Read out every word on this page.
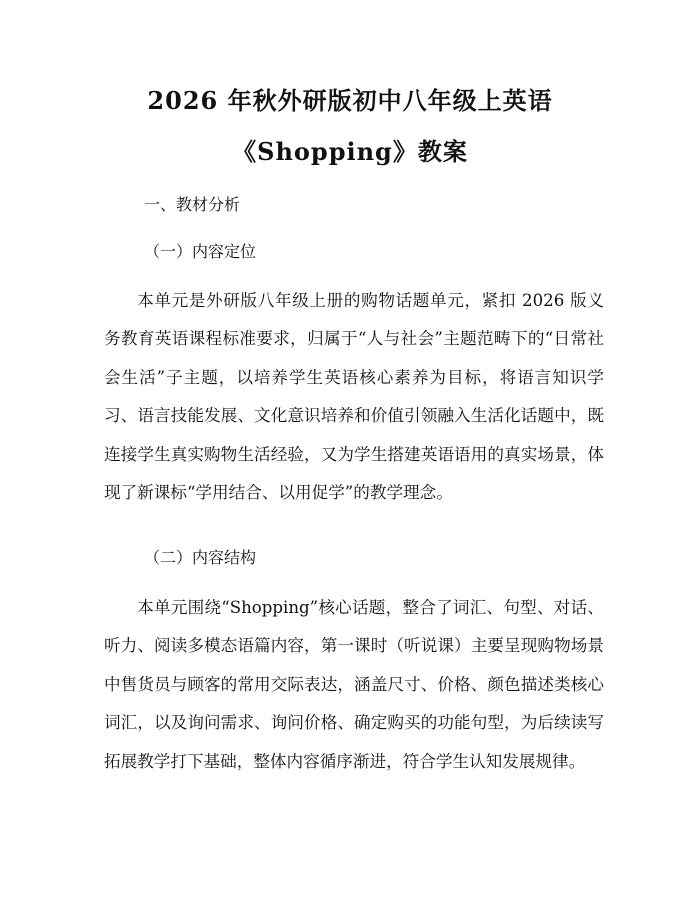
2026 年秋外研版初中八年级上英语
《Shopping》教案
一、教材分析
（一）内容定位

本单元是外研版八年级上册的购物话题单元，紧扣 2026 版义务教育英语课程标准要求，归属于“人与社会”主题范畴下的“日常社会生活”子主题，以培养学生英语核心素养为目标，将语言知识学习、语言技能发展、文化意识培养和价值引领融入生活化话题中，既连接学生真实购物生活经验，又为学生搭建英语语用的真实场景，体现了新课标“学用结合、以用促学”的教学理念。

（二）内容结构

本单元围绕“Shopping”核心话题，整合了词汇、句型、对话、听力、阅读多模态语篇内容，第一课时（听说课）主要呈现购物场景中售货员与顾客的常用交际表达，涵盖尺寸、价格、颜色描述类核心词汇，以及询问需求、询问价格、确定购买的功能句型，为后续读写拓展教学打下基础，整体内容循序渐进，符合学生认知发展规律。
